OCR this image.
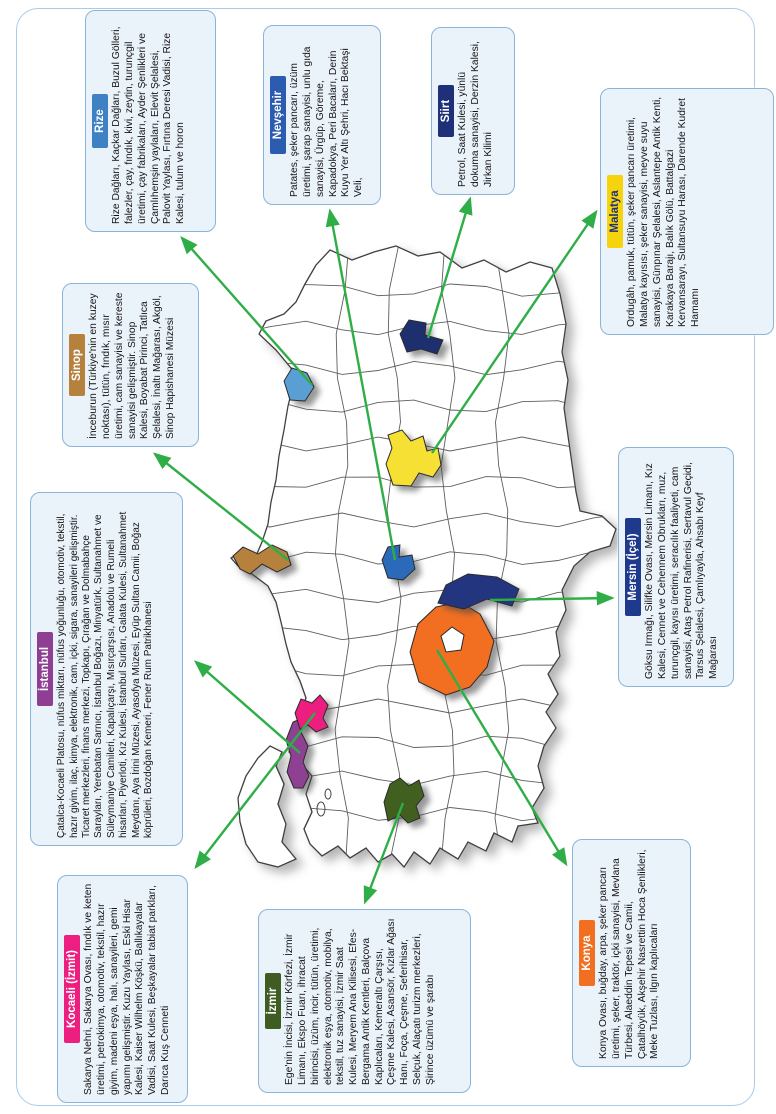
Rize Rize Dağları, Kaçkar Dağları, Buzul Gölleri, falezler, çay, fındık, kivi, zeytin, turunçgil üretimi, çay fabrikaları, Ayder Şenlikleri ve Çamlıhemşin yaylaları, Elevit Şelalesi, Palovit Yaylası, Fırtına Deresi Vadisi, Rize Kalesi, tulum ve horon
Nevşehir Patates, şeker pancarı, üzüm üretimi, şarap sanayisi, unlu gıda sanayisi, Ürgüp, Göreme, Kapadokya, Peri Bacaları, Derin Kuyu Yer Altı Şehri, Hacı Bektaşi Veli,
Siirt Petrol, Saat Kulesi, yünlü dokuma sanayisi, Derzin Kalesi, Jirkan Kilimi
Malatya Ordugâh, pamuk, tütün, şeker pancarı üretimi, Malatya kayısısı, şeker sanayisi, meyve suyu sanayisi, Günpınar Şelalesi, Aslantepe Antik Kenti, Karakaya Barajı, Balık Gölü, Battalgazi Kervansarayı, Sultansuyu Harası, Darende Kudret Hamamı
Sinop İnceburun (Türkiye'nin en kuzey noktası), tütün, fındık, mısır üretimi, cam sanayisi ve kereste sanayisi gelişmiştir. Sinop Kalesi, Boyabat Pirinci, Tatlıca Şelalesi, İnaltı Mağarası, Akgöl, Sinop Hapishanesi Müzesi
İstanbul Çatalca-Kocaeli Platosu, nüfus miktarı, nüfus yoğunluğu, otomotiv, tekstil, hazır giyim, ilaç, kimya, elektronik, cam, içki, sigara, sanayileri gelişmiştir. Ticaret merkezleri, finans merkezi, Topkapı, Çırağan ve Dolmabahçe Sarayları, Yerebatan Sarnıcı, İstanbul Boğazı, Minyatürk, Sultanahmet ve Süleymaniye Camileri, Kapalıçarşı, Mısırçarşısı, Anadolu ve Rumeli hisarları, Piyerloti, Kız Kulesi, İstanbul Surları, Galata Kulesi, Sultanahmet Meydanı, Aya İrini Müzesi, Ayasofya Müzesi, Eyüp Sultan Camii, Boğaz köprüleri, Bozdoğan Kemeri, Fener Rum Patrikhanesi
Kocaeli (İzmit) Sakarya Nehri, Sakarya Ovası, fındık ve keten üretimi, petrokimya, otomotiv, tekstil, hazır giyim, madeni eşya, halı, sanayileri, gemi yapımı gelişmiştir. Kuzu Yaylası, Eski Hisar Kalesi, Kaiser Wilhelm Köşkü, Ballıkayalar Vadisi, Saat Kulesi, Beşkayalar tabiat parkları, Darıca Kuş Cenneti
İzmir Ege'nin İncisi, İzmir Körfezi, İzmir Limanı, Ekspo Fuarı, ihracat birincisi, üzüm, incir, tütün, üretimi, elektronik eşya, otomotiv, mobilya, tekstil, tuz sanayisi, İzmir Saat Kulesi, Meryem Ana Kilisesi, Efes-Bergama Antik Kentleri, Balçova Kaplıcaları, Kemeraltı Çarşısı, Çeşme Kalesi, Asansör, Kızlar Ağası Hanı, Foça, Çeşme, Seferihisar, Selçuk, Alaçatı turizm merkezleri, Şirince üzümü ve şarabı
Konya Konya Ovası, buğday, arpa, şeker pancarı üretimi, şeker, traktör, içki sanayisi, Mevlana Türbesi, Alaeddin Tepesi ve Camii, Çatalhöyük, Akşehir Nasrettin Hoca Şenlikleri, Meke Tuzlası, Ilgın kaplıcaları
Mersin (İçel) Göksu Irmağı, Silifke Ovası, Mersin Limanı, Kız Kalesi, Cennet ve Cehennem Obrukları, muz, turunçgil, kayısı üretimi, seracılık faaliyeti, cam sanayisi, Ataş Petrol Rafinerisi, Sertavul Geçidi, Tarsus Şelalesi, Çamlıyayla, Ahsabı Keyf Mağarası
